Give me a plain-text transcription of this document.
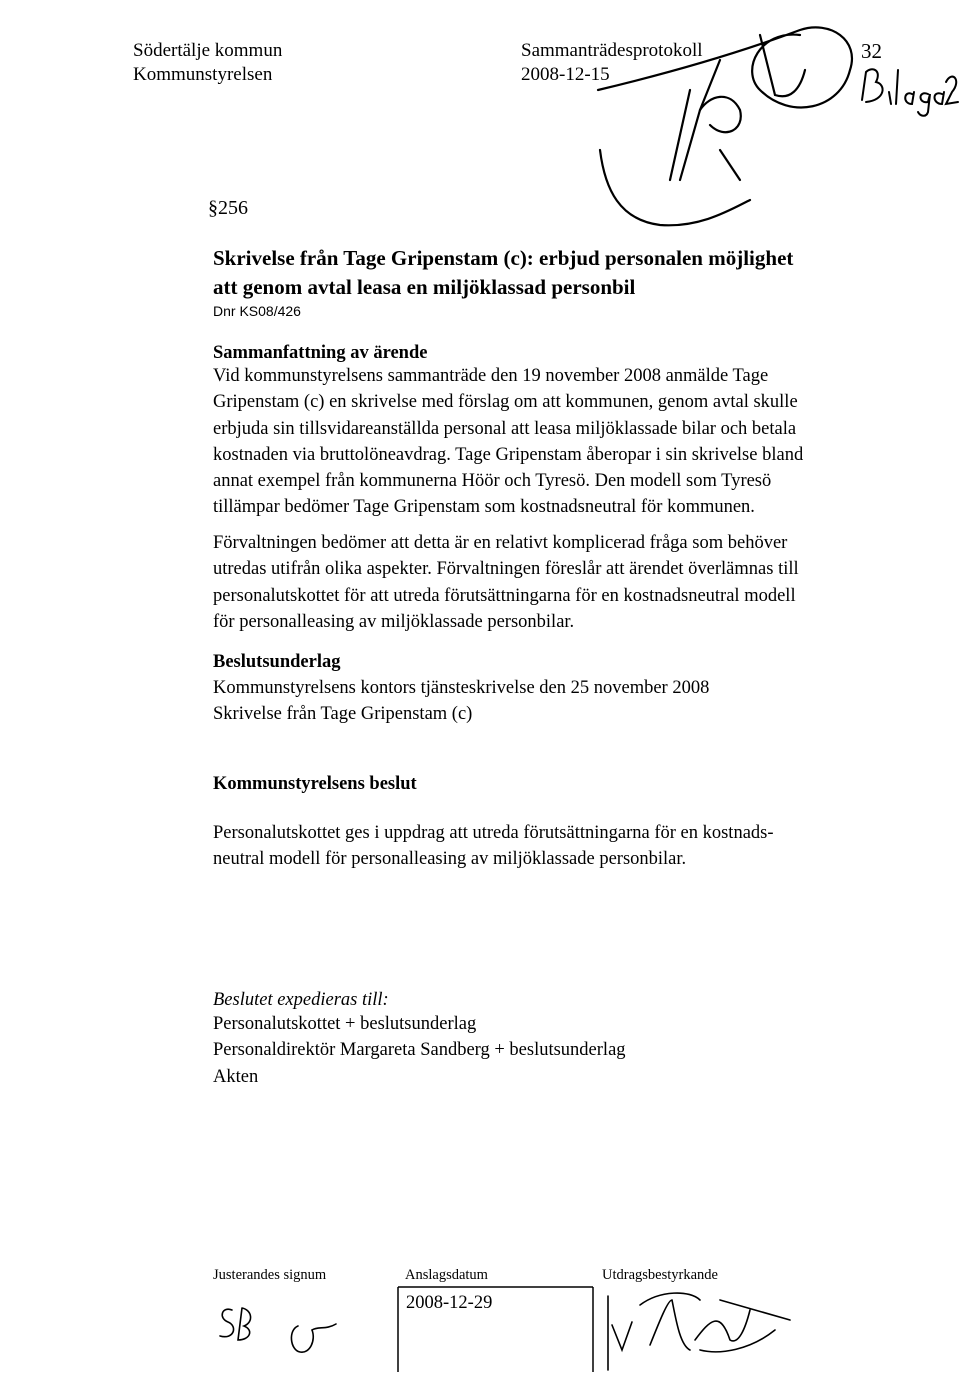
Södertälje kommun
Kommunstyrelsen
Sammanträdesprotokoll
2008-12-15
32
§256
Skrivelse från Tage Gripenstam (c): erbjud personalen möjlighet
att genom avtal leasa en miljöklassad personbil
Dnr KS08/426
Sammanfattning av ärende
Vid kommunstyrelsens sammanträde den 19 november 2008 anmälde Tage
Gripenstam (c) en skrivelse med förslag om att kommunen, genom avtal skulle
erbjuda sin tillsvidareanställda personal att leasa miljöklassade bilar och betala
kostnaden via bruttolöneavdrag. Tage Gripenstam åberopar i sin skrivelse bland
annat exempel från kommunerna Höör och Tyresö. Den modell som Tyresö
tillämpar bedömer Tage Gripenstam som kostnadsneutral för kommunen.
Förvaltningen bedömer att detta är en relativt komplicerad fråga som behöver
utredas utifrån olika aspekter. Förvaltningen föreslår att ärendet överlämnas till
personalutskottet för att utreda förutsättningarna för en kostnadsneutral modell
för personalleasing av miljöklassade personbilar.
Beslutsunderlag
Kommunstyrelsens kontors tjänsteskrivelse den 25 november 2008
Skrivelse från Tage Gripenstam (c)
Kommunstyrelsens beslut
Personalutskottet ges i uppdrag att utreda förutsättningarna för en kostnads-
neutral modell för personalleasing av miljöklassade personbilar.
Beslutet expedieras till:
Personalutskottet + beslutsunderlag
Personaldirektör Margareta Sandberg + beslutsunderlag
Akten
Justerandes signum	Anslagsdatum
2008-12-29
Utdragsbestyrkande
